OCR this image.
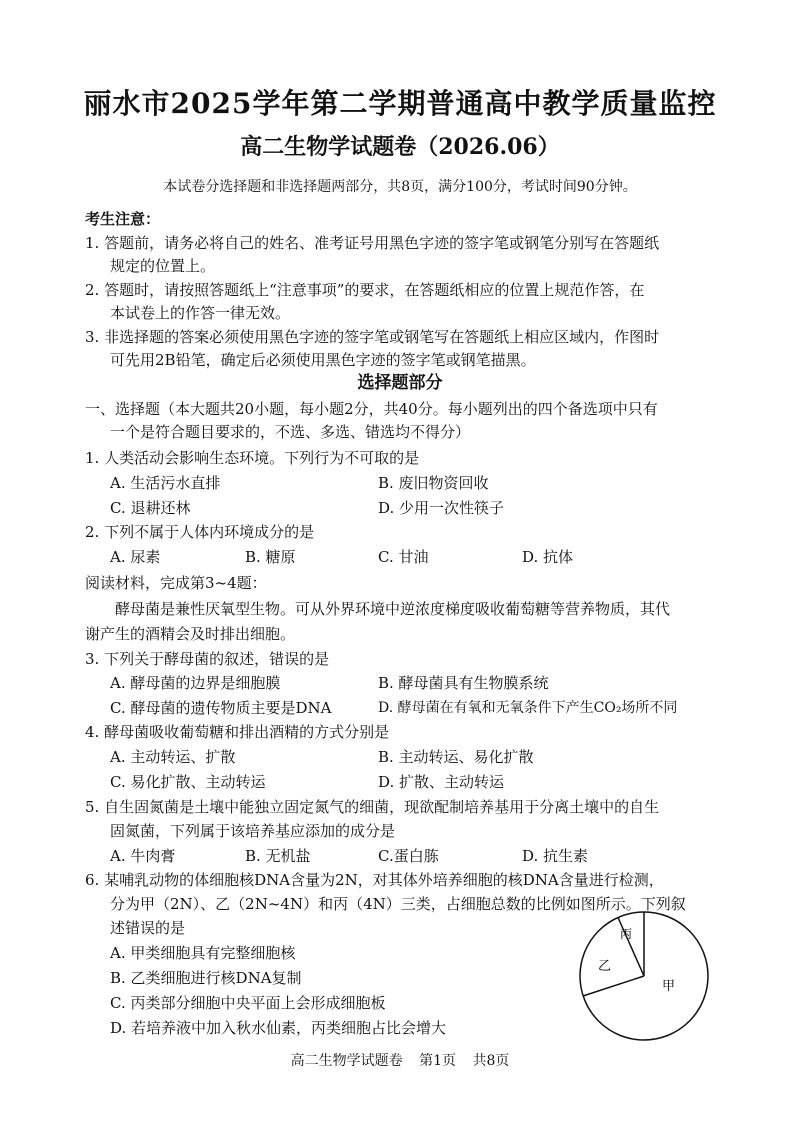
丽水市2025学年第二学期普通高中教学质量监控
高二生物学试题卷（2026.06）
本试卷分选择题和非选择题两部分，共8页，满分100分，考试时间90分钟。
考生注意：
1. 答题前，请务必将自己的姓名、准考证号用黑色字迹的签字笔或钢笔分别写在答题纸
规定的位置上。
2. 答题时，请按照答题纸上“注意事项”的要求，在答题纸相应的位置上规范作答，在
本试卷上的作答一律无效。
3. 非选择题的答案必须使用黑色字迹的签字笔或钢笔写在答题纸上相应区域内，作图时
可先用2B铅笔，确定后必须使用黑色字迹的签字笔或钢笔描黑。
选择题部分
一、选择题（本大题共20小题，每小题2分，共40分。每小题列出的四个备选项中只有
一个是符合题目要求的，不选、多选、错选均不得分）
1. 人类活动会影响生态环境。下列行为不可取的是
A. 生活污水直排	B. 废旧物资回收
C. 退耕还林	D. 少用一次性筷子
2. 下列不属于人体内环境成分的是
A. 尿素	B. 糖原	C. 甘油	D. 抗体
阅读材料，完成第3~4题：
酵母菌是兼性厌氧型生物。可从外界环境中逆浓度梯度吸收葡萄糖等营养物质，其代
谢产生的酒精会及时排出细胞。
3. 下列关于酵母菌的叙述，错误的是
A. 酵母菌的边界是细胞膜	B. 酵母菌具有生物膜系统
C. 酵母菌的遗传物质主要是DNA	D. 酵母菌在有氧和无氧条件下产生CO₂场所不同
4. 酵母菌吸收葡萄糖和排出酒精的方式分别是
A. 主动转运、扩散	B. 主动转运、易化扩散
C. 易化扩散、主动转运	D. 扩散、主动转运
5. 自生固氮菌是土壤中能独立固定氮气的细菌，现欲配制培养基用于分离土壤中的自生
固氮菌，下列属于该培养基应添加的成分是
A. 牛肉膏	B. 无机盐	C.蛋白胨	D. 抗生素
6. 某哺乳动物的体细胞核DNA含量为2N，对其体外培养细胞的核DNA含量进行检测，
分为甲（2N）、乙（2N~4N）和丙（4N）三类，占细胞总数的比例如图所示。下列叙
述错误的是
A. 甲类细胞具有完整细胞核
B. 乙类细胞进行核DNA复制
C. 丙类部分细胞中央平面上会形成细胞板
D. 若培养液中加入秋水仙素，丙类细胞占比会增大
甲
乙
丙
高二生物学试题卷 第1页 共8页
